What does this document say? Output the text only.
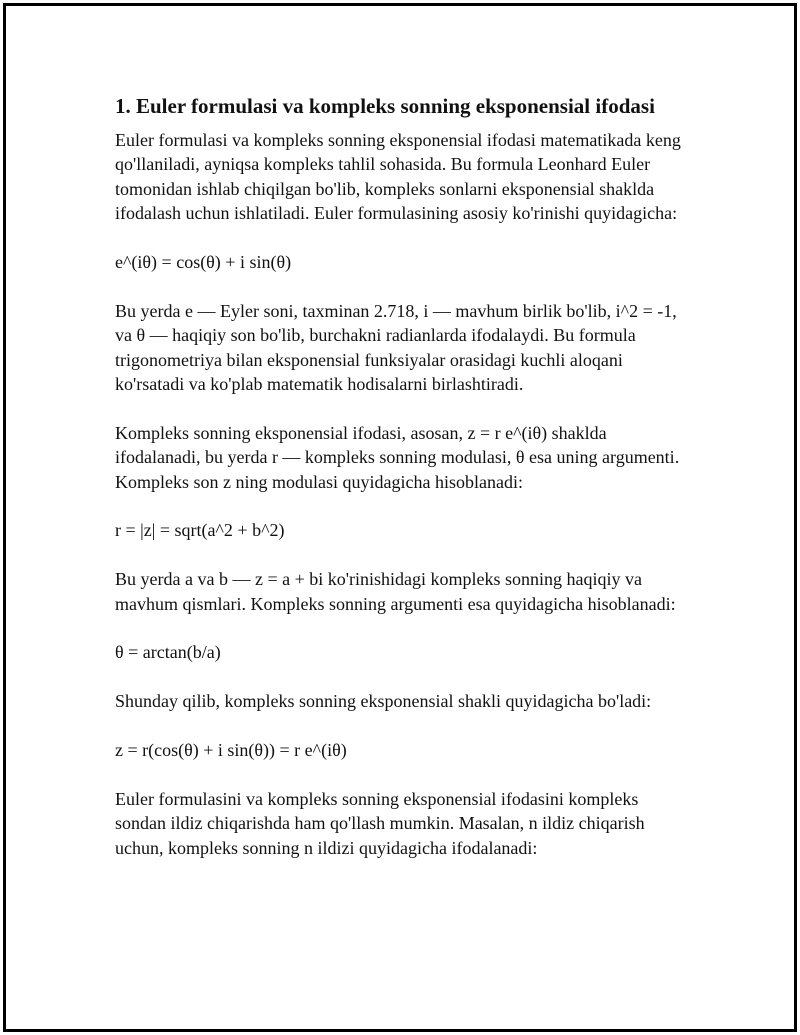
1. Euler formulasi va kompleks sonning eksponensial ifodasi

Euler formulasi va kompleks sonning eksponensial ifodasi matematikada keng qo'llaniladi, ayniqsa kompleks tahlil sohasida. Bu formula Leonhard Euler tomonidan ishlab chiqilgan bo'lib, kompleks sonlarni eksponensial shaklda ifodalash uchun ishlatiladi. Euler formulasining asosiy ko'rinishi quyidagicha:

e^(iθ) = cos(θ) + i sin(θ)

Bu yerda e — Eyler soni, taxminan 2.718, i — mavhum birlik bo'lib, i^2 = -1, va θ — haqiqiy son bo'lib, burchakni radianlarda ifodalaydi. Bu formula trigonometriya bilan eksponensial funksiyalar orasidagi kuchli aloqani ko'rsatadi va ko'plab matematik hodisalarni birlashtiradi.

Kompleks sonning eksponensial ifodasi, asosan, z = r e^(iθ) shaklda ifodalanadi, bu yerda r — kompleks sonning modulasi, θ esa uning argumenti. Kompleks son z ning modulasi quyidagicha hisoblanadi:

r = |z| = sqrt(a^2 + b^2)

Bu yerda a va b — z = a + bi ko'rinishidagi kompleks sonning haqiqiy va mavhum qismlari. Kompleks sonning argumenti esa quyidagicha hisoblanadi:

θ = arctan(b/a)

Shunday qilib, kompleks sonning eksponensial shakli quyidagicha bo'ladi:

z = r(cos(θ) + i sin(θ)) = r e^(iθ)

Euler formulasini va kompleks sonning eksponensial ifodasini kompleks sondan ildiz chiqarishda ham qo'llash mumkin. Masalan, n ildiz chiqarish uchun, kompleks sonning n ildizi quyidagicha ifodalanadi:
